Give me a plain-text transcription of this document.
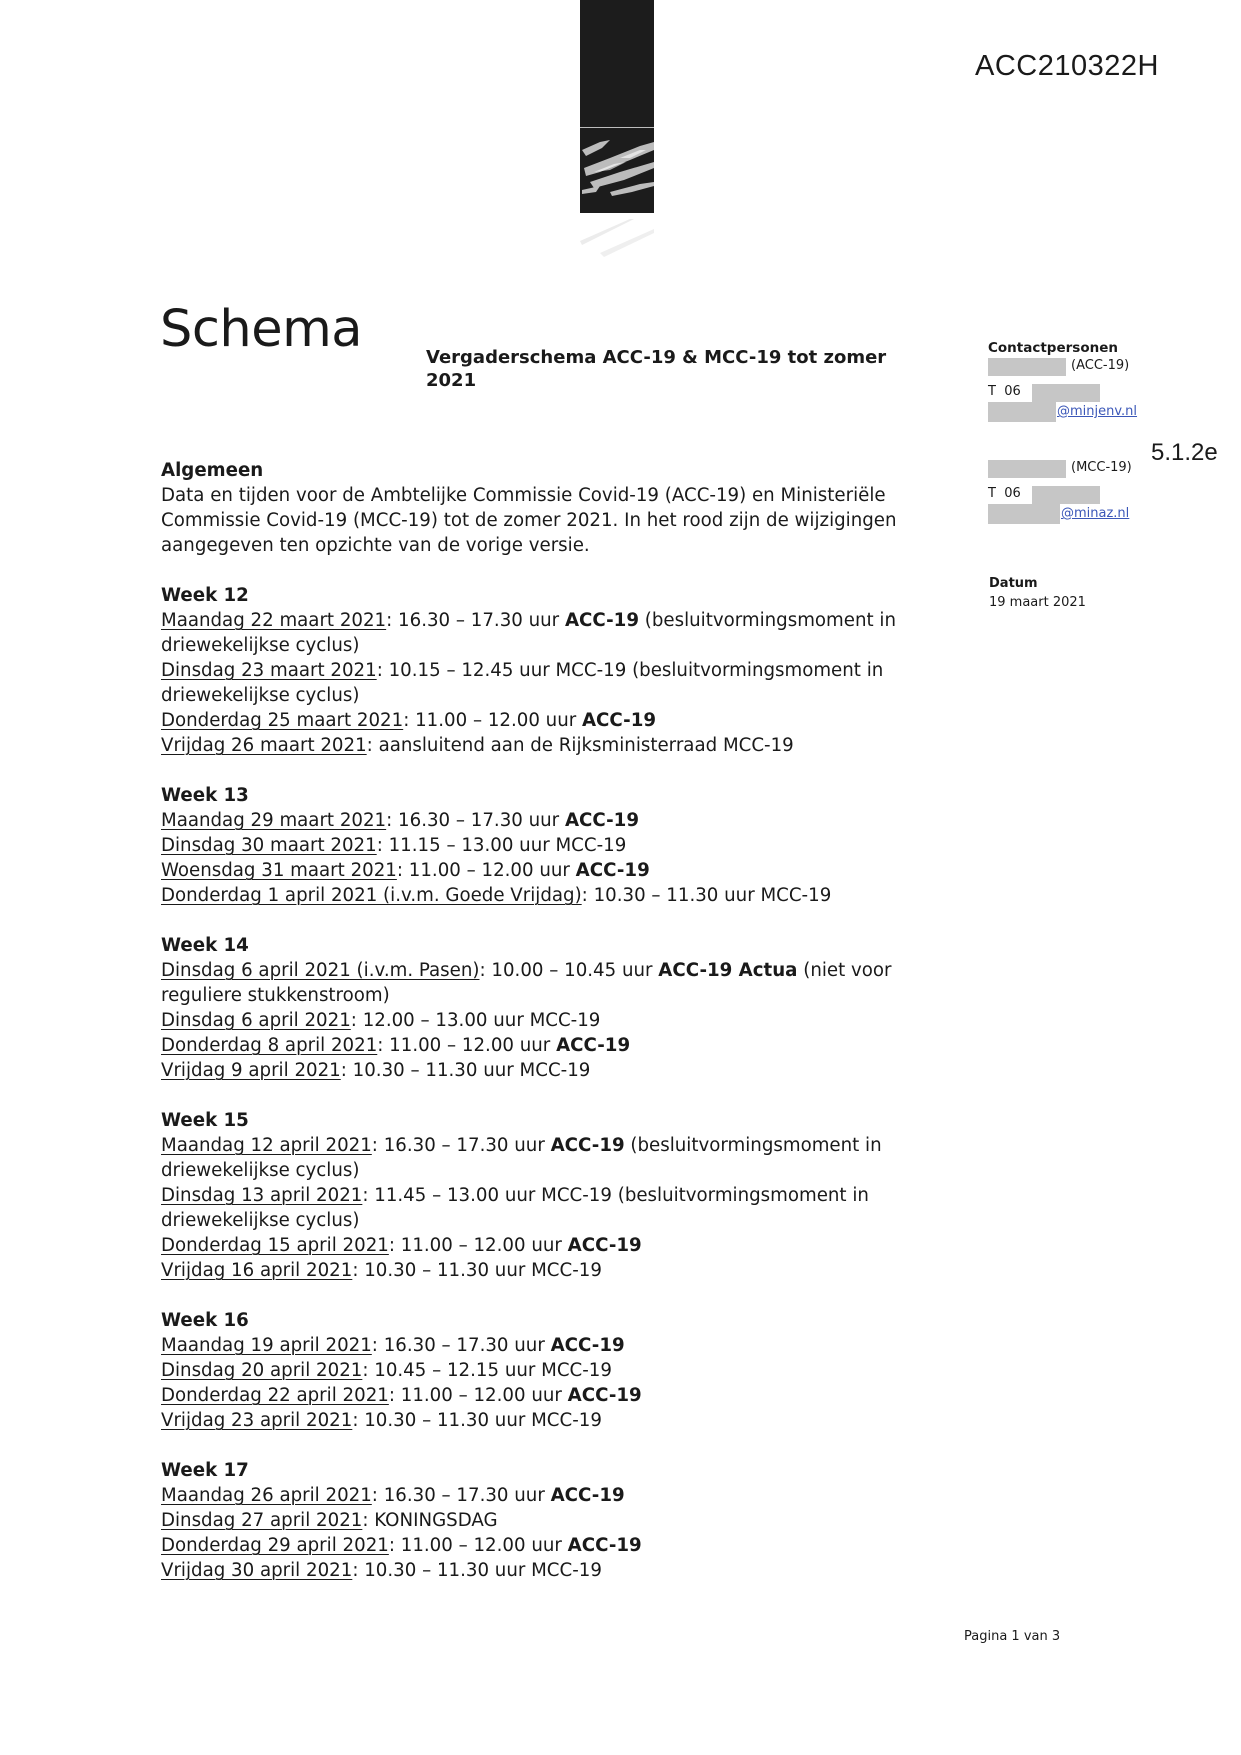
ACC210322H
Schema	Vergaderschema ACC-19 & MCC-19 tot zomer 2021
Contactpersonen
(ACC-19)
T  06
@minjenv.nl
(MCC-19)
T  06
@minaz.nl
5.1.2e
Datum
19 maart 2021
Algemeen

Data en tijden voor de Ambtelijke Commissie Covid-19 (ACC-19) en Ministeriële Commissie Covid-19 (MCC-19) tot de zomer 2021. In het rood zijn de wijzigingen aangegeven ten opzichte van de vorige versie.

Week 12
Maandag 22 maart 2021: 16.30 – 17.30 uur ACC-19 (besluitvormingsmoment in driewekelijkse cyclus)
Dinsdag 23 maart 2021: 10.15 – 12.45 uur MCC-19 (besluitvormingsmoment in driewekelijkse cyclus)
Donderdag 25 maart 2021: 11.00 – 12.00 uur ACC-19
Vrijdag 26 maart 2021: aansluitend aan de Rijksministerraad MCC-19
Week 13
Maandag 29 maart 2021: 16.30 – 17.30 uur ACC-19
Dinsdag 30 maart 2021: 11.15 – 13.00 uur MCC-19
Woensdag 31 maart 2021: 11.00 – 12.00 uur ACC-19
Donderdag 1 april 2021 (i.v.m. Goede Vrijdag): 10.30 – 11.30 uur MCC-19
Week 14
Dinsdag 6 april 2021 (i.v.m. Pasen): 10.00 – 10.45 uur ACC-19 Actua (niet voor reguliere stukkenstroom)
Dinsdag 6 april 2021: 12.00 – 13.00 uur MCC-19
Donderdag 8 april 2021: 11.00 – 12.00 uur ACC-19
Vrijdag 9 april 2021: 10.30 – 11.30 uur MCC-19
Week 15
Maandag 12 april 2021: 16.30 – 17.30 uur ACC-19 (besluitvormingsmoment in driewekelijkse cyclus)
Dinsdag 13 april 2021: 11.45 – 13.00 uur MCC-19 (besluitvormingsmoment in driewekelijkse cyclus)
Donderdag 15 april 2021: 11.00 – 12.00 uur ACC-19
Vrijdag 16 april 2021: 10.30 – 11.30 uur MCC-19
Week 16
Maandag 19 april 2021: 16.30 – 17.30 uur ACC-19
Dinsdag 20 april 2021: 10.45 – 12.15 uur MCC-19
Donderdag 22 april 2021: 11.00 – 12.00 uur ACC-19
Vrijdag 23 april 2021: 10.30 – 11.30 uur MCC-19
Week 17
Maandag 26 april 2021: 16.30 – 17.30 uur ACC-19
Dinsdag 27 april 2021: KONINGSDAG
Donderdag 29 april 2021: 11.00 – 12.00 uur ACC-19
Vrijdag 30 april 2021: 10.30 – 11.30 uur MCC-19
Pagina 1 van 3
